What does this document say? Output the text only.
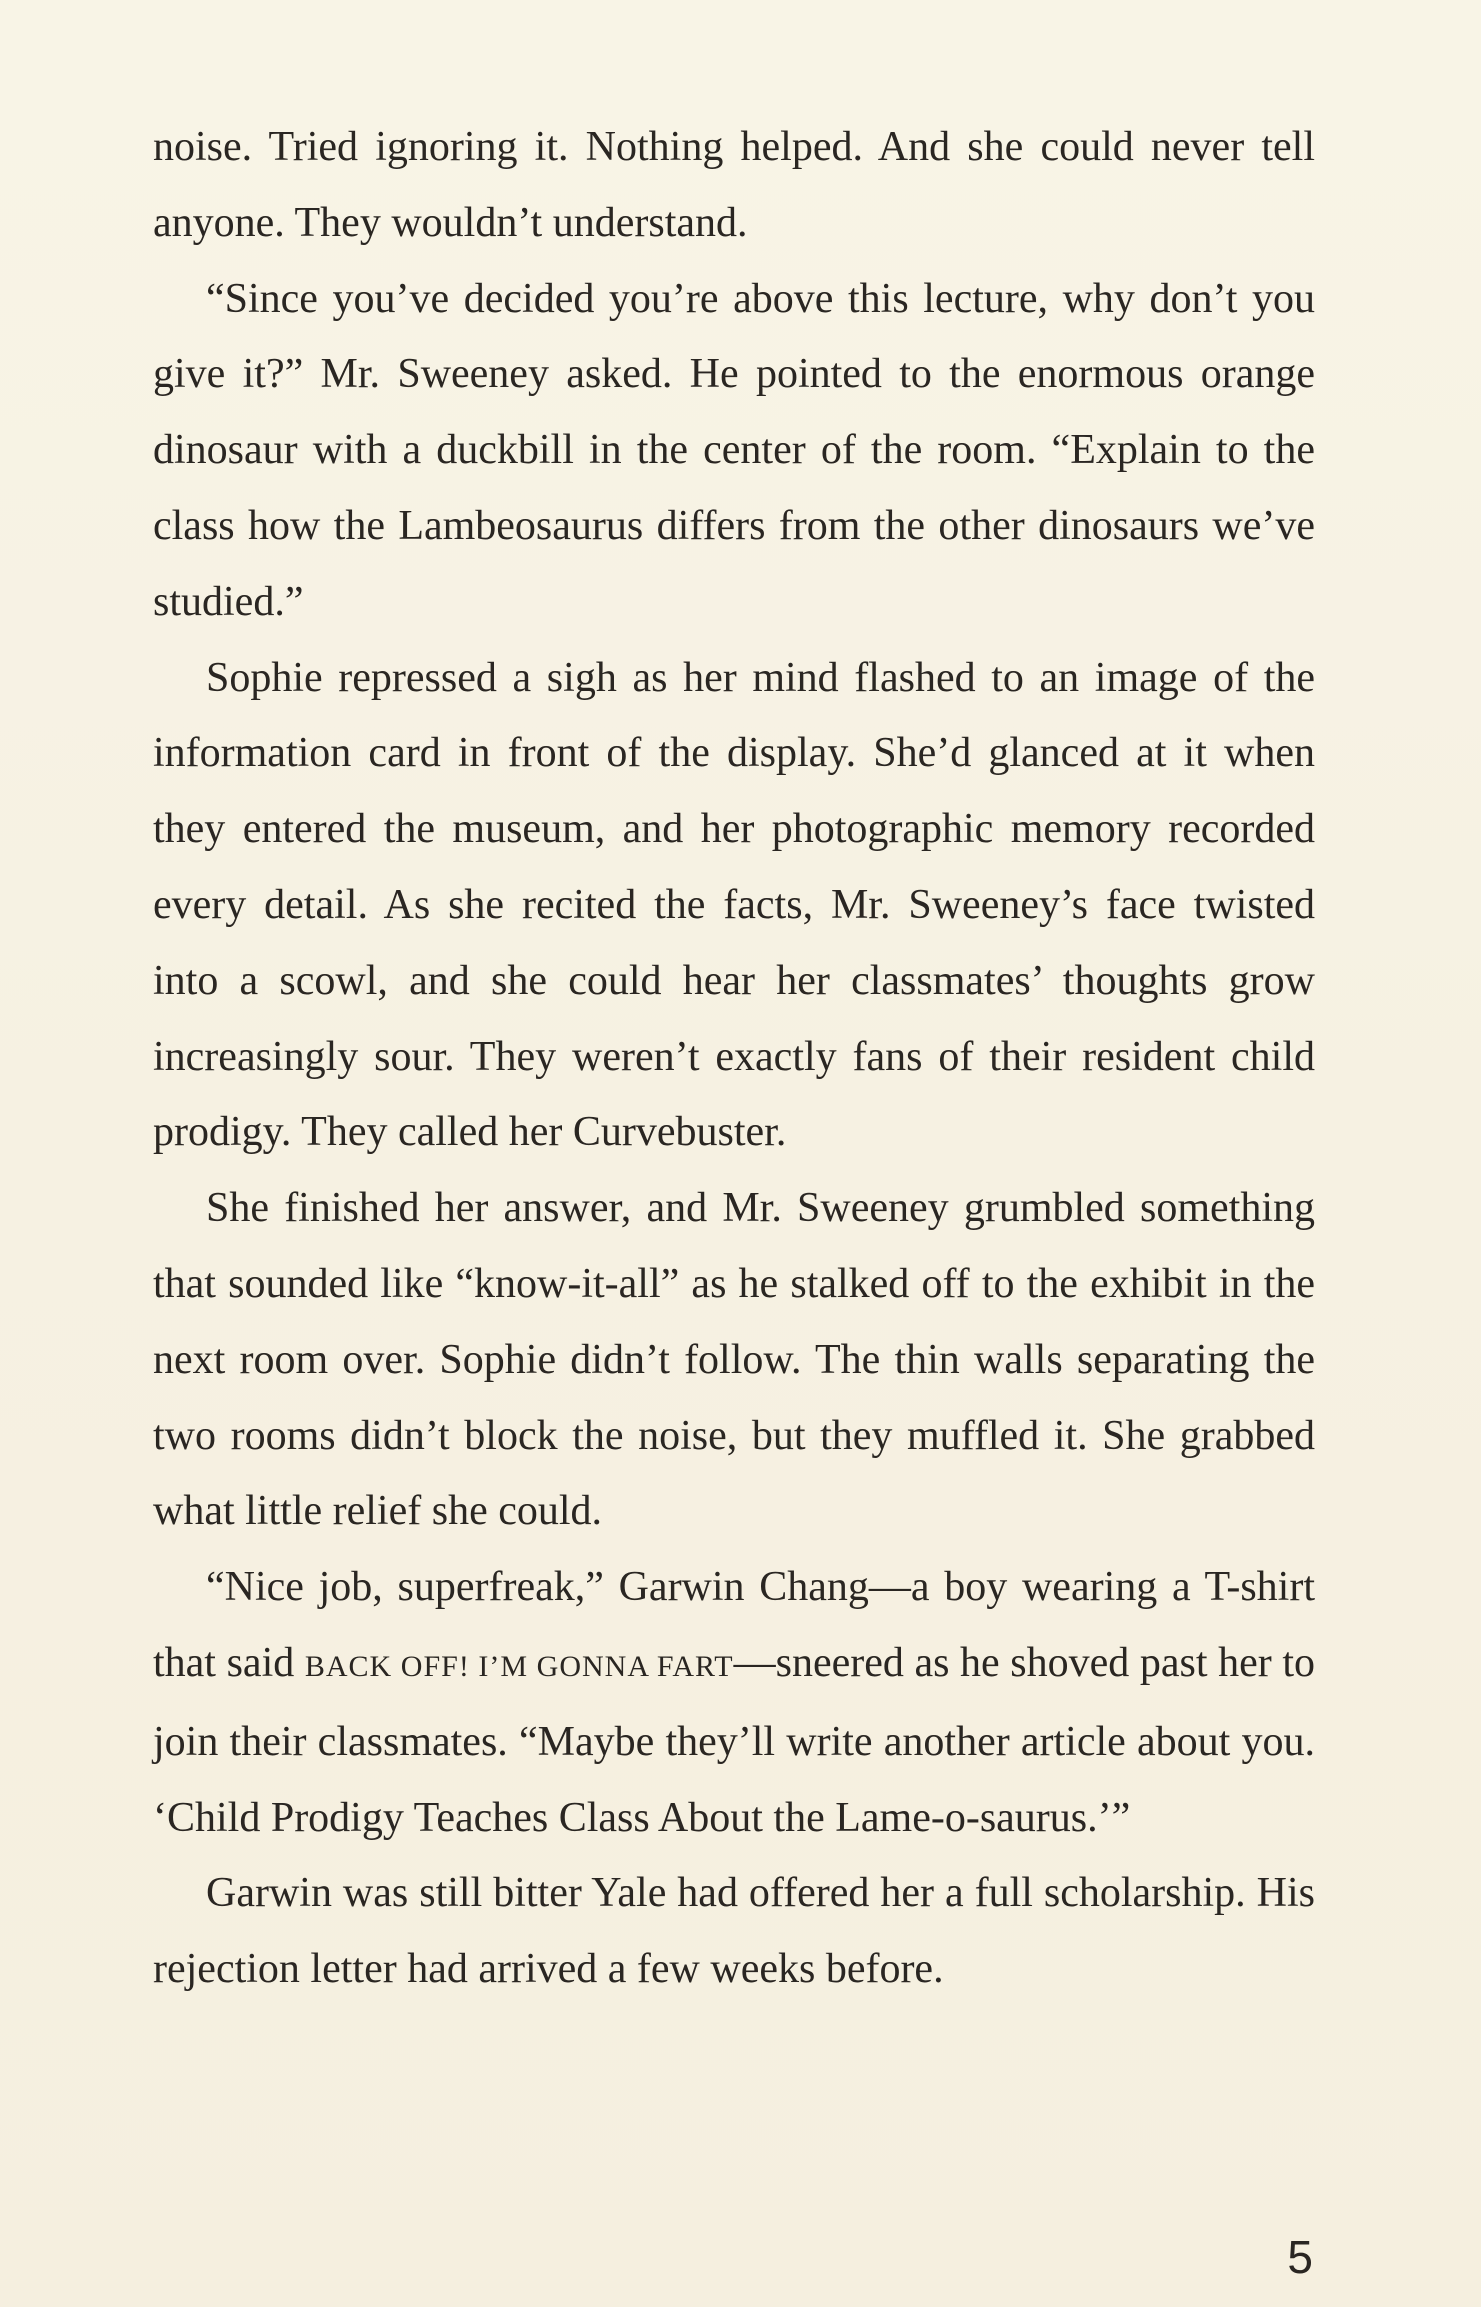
noise. Tried ignoring it. Nothing helped. And she could never tell anyone. They wouldn’t understand.

“Since you’ve decided you’re above this lecture, why don’t you give it?” Mr. Sweeney asked. He pointed to the enormous orange dinosaur with a duckbill in the center of the room. “Explain to the class how the Lambeosaurus differs from the other dinosaurs we’ve studied.”

Sophie repressed a sigh as her mind flashed to an image of the information card in front of the display. She’d glanced at it when they entered the museum, and her photographic memory recorded every detail. As she recited the facts, Mr. Sweeney’s face twisted into a scowl, and she could hear her classmates’ thoughts grow increasingly sour. They weren’t exactly fans of their resident child prodigy. They called her Curvebuster.

She finished her answer, and Mr. Sweeney grumbled something that sounded like “know-it-all” as he stalked off to the exhibit in the next room over. Sophie didn’t follow. The thin walls separating the two rooms didn’t block the noise, but they muffled it. She grabbed what little relief she could.

“Nice job, superfreak,” Garwin Chang—a boy wearing a T-shirt that said BACK OFF! I’M GONNA FART—sneered as he shoved past her to join their classmates. “Maybe they’ll write another article about you. ‘Child Prodigy Teaches Class About the Lame-o-saurus.’”

Garwin was still bitter Yale had offered her a full scholarship. His rejection letter had arrived a few weeks before.

5
